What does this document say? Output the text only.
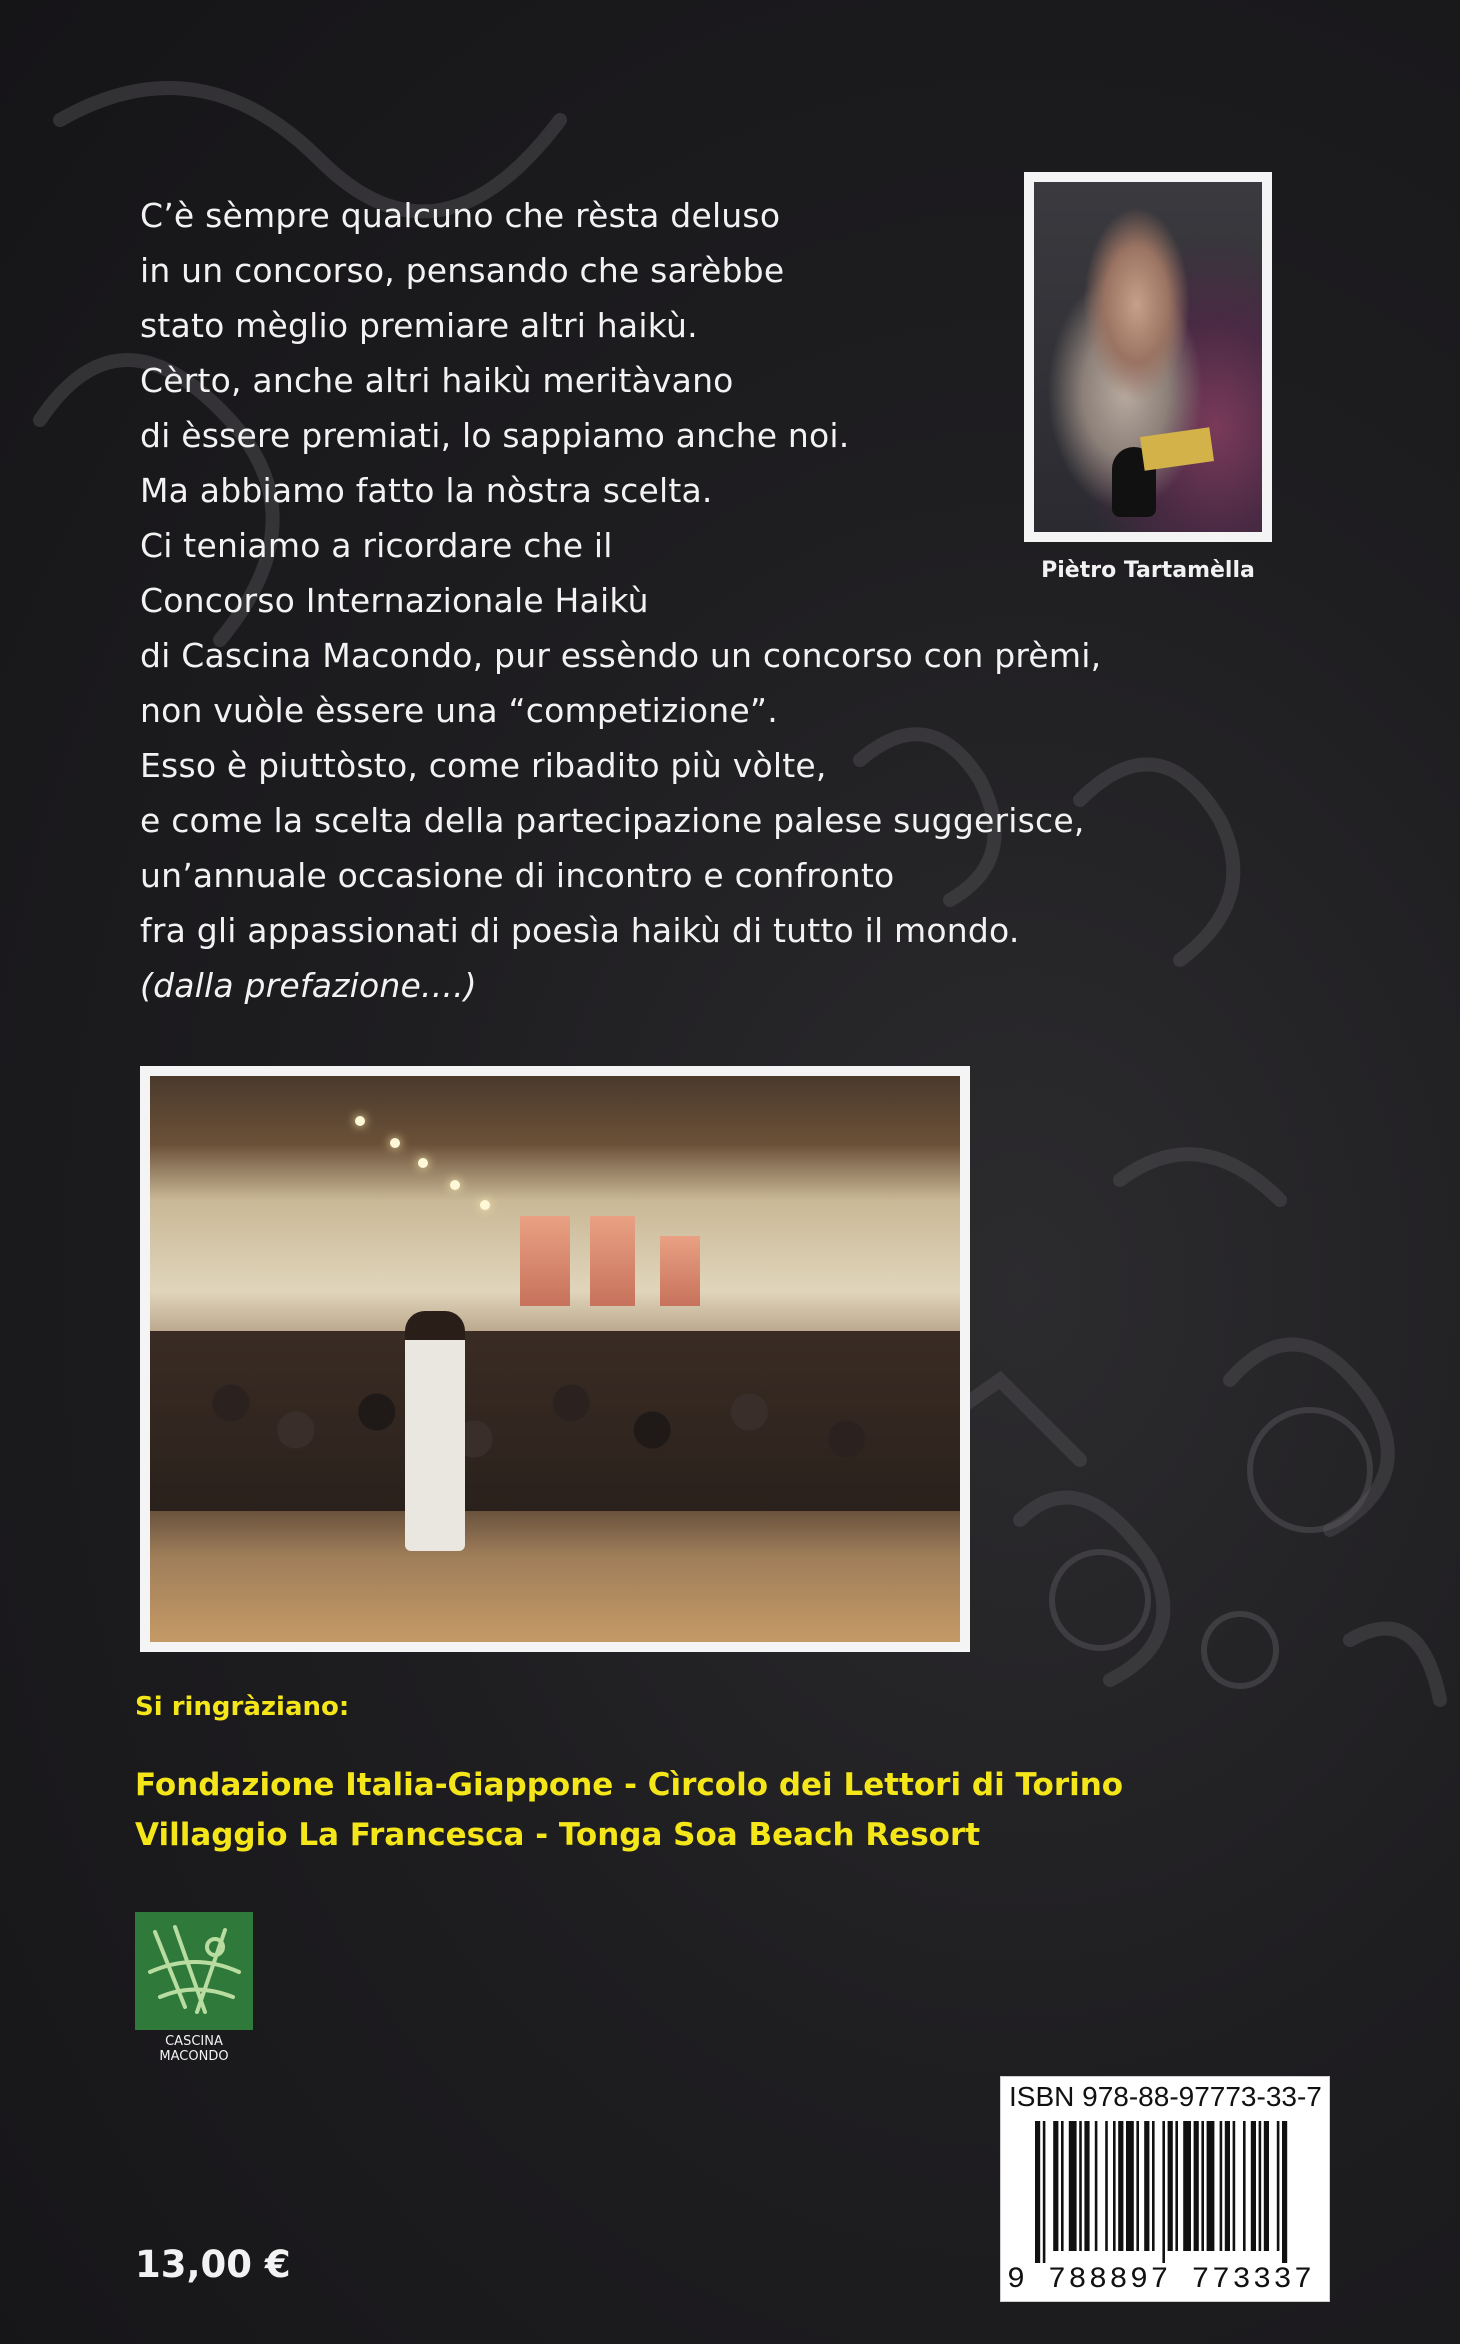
C’è sèmpre qualcuno che rèsta deluso
in un concorso, pensando che sarèbbe
stato mèglio premiare altri haikù.
Cèrto, anche altri haikù meritàvano
di èssere premiati, lo sappiamo anche noi.
Ma abbiamo fatto la nòstra scelta.
Ci teniamo a ricordare che il
Concorso Internazionale Haikù
di Cascina Macondo, pur essèndo un concorso con prèmi,
non vuòle èssere una “competizione”.
Esso è piuttòsto, come ribadito più vòlte,
e come la scelta della partecipazione palese suggerisce,
un’annuale occasione di incontro e confronto
fra gli appassionati di poesìa haikù di tutto il mondo.
(dalla prefazione....)
Piètro Tartamèlla
Si ringràziano:
Fondazione Italia-Giappone - Cìrcolo dei Lettori di Torino
Villaggio La Francesca - Tonga Soa Beach Resort
CASCINA
MACONDO
13,00 €
ISBN 978-88-97773-33-7
9 788897 773337
